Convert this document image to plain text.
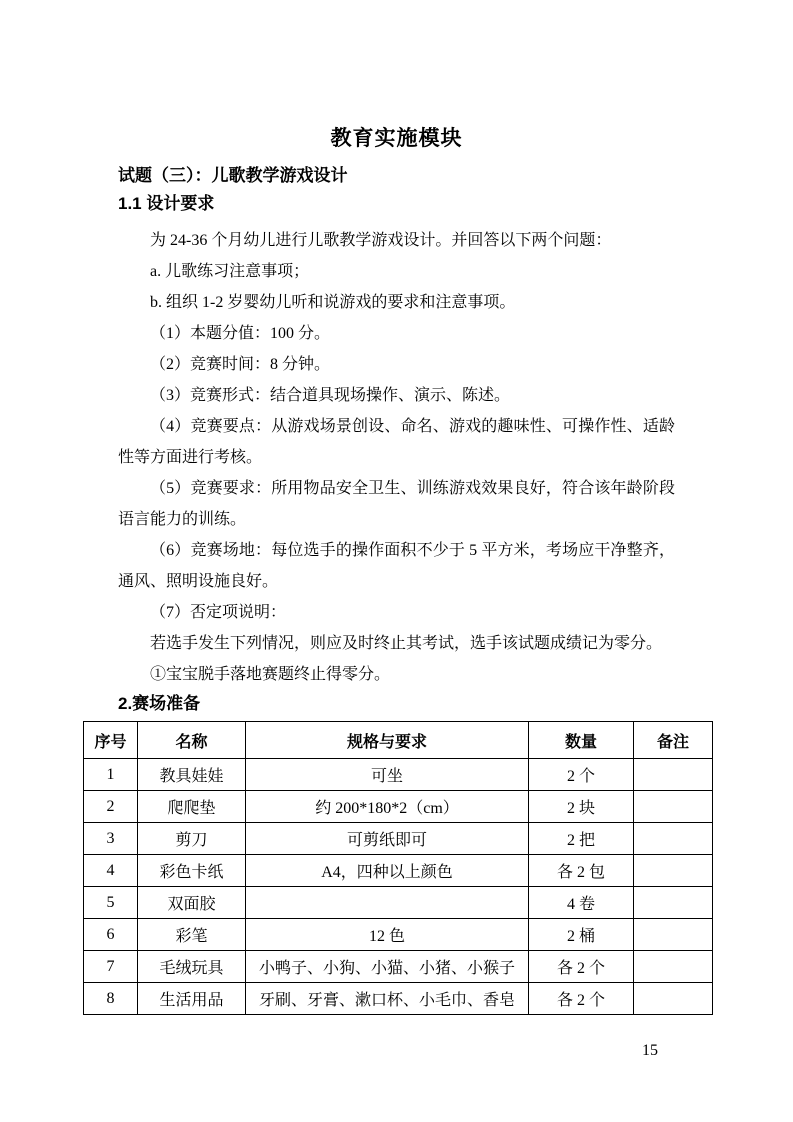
教育实施模块
试题（三）：儿歌教学游戏设计
1.1 设计要求

为 24-36 个月幼儿进行儿歌教学游戏设计。并回答以下两个问题：

a. 儿歌练习注意事项；

b. 组织 1-2 岁婴幼儿听和说游戏的要求和注意事项。

（1）本题分值：100 分。

（2）竞赛时间：8 分钟。

（3）竞赛形式：结合道具现场操作、演示、陈述。

（4）竞赛要点：从游戏场景创设、命名、游戏的趣味性、可操作性、适龄性等方面进行考核。

（5）竞赛要求：所用物品安全卫生、训练游戏效果良好，符合该年龄阶段语言能力的训练。

（6）竞赛场地：每位选手的操作面积不少于 5 平方米，考场应干净整齐，通风、照明设施良好。

（7）否定项说明：

若选手发生下列情况，则应及时终止其考试，选手该试题成绩记为零分。

①宝宝脱手落地赛题终止得零分。

2.赛场准备
序号	名称	规格与要求	数量	备注
1	教具娃娃	可坐	2 个	
2	爬爬垫	约 200*180*2（cm）	2 块	
3	剪刀	可剪纸即可	2 把	
4	彩色卡纸	A4，四种以上颜色	各 2 包	
5	双面胶		4 卷	
6	彩笔	12 色	2 桶	
7	毛绒玩具	小鸭子、小狗、小猫、小猪、小猴子	各 2 个	
8	生活用品	牙刷、牙膏、漱口杯、小毛巾、香皂	各 2 个	
15
